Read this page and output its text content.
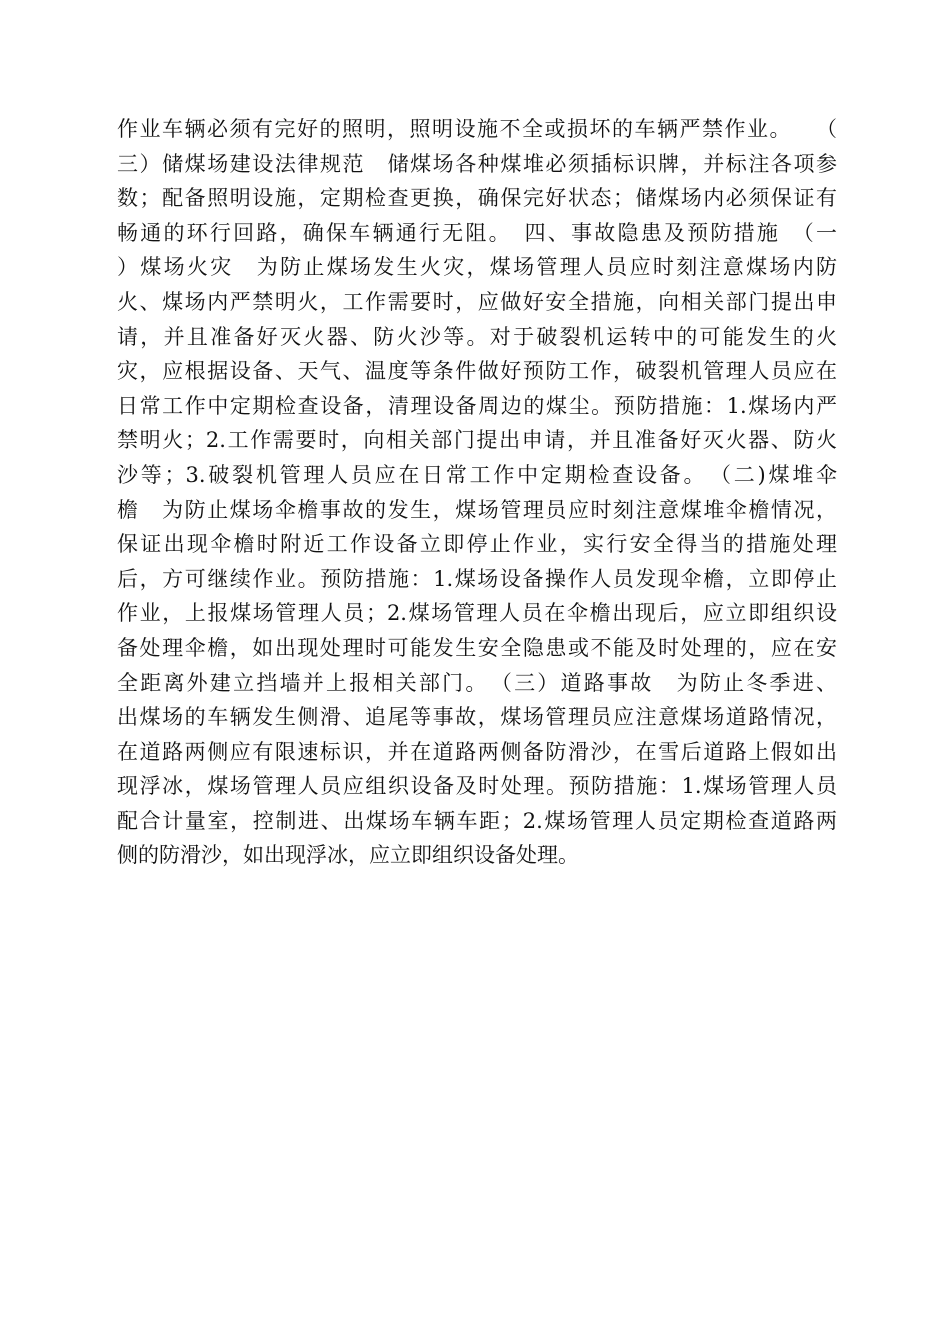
作业车辆必须有完好的照明，照明设施不全或损坏的车辆严禁作业。　　（
三）储煤场建设法律规范　储煤场各种煤堆必须插标识牌，并标注各项参
数；配备照明设施，定期检查更换，确保完好状态；储煤场内必须保证有
畅通的环行回路，确保车辆通行无阻。　四、事故隐患及预防措施　（一
）煤场火灾　为防止煤场发生火灾，煤场管理人员应时刻注意煤场内防
火、煤场内严禁明火，工作需要时，应做好安全措施，向相关部门提出申
请，并且准备好灭火器、防火沙等。对于破裂机运转中的可能发生的火
灾，应根据设备、天气、温度等条件做好预防工作，破裂机管理人员应在
日常工作中定期检查设备，清理设备周边的煤尘。预防措施：1.煤场内严
禁明火；2.工作需要时，向相关部门提出申请，并且准备好灭火器、防火
沙等；3.破裂机管理人员应在日常工作中定期检查设备。　（二)煤堆伞
檐　为防止煤场伞檐事故的发生，煤场管理员应时刻注意煤堆伞檐情况，
保证出现伞檐时附近工作设备立即停止作业，实行安全得当的措施处理
后，方可继续作业。预防措施：1.煤场设备操作人员发现伞檐，立即停止
作业，上报煤场管理人员；2.煤场管理人员在伞檐出现后，应立即组织设
备处理伞檐，如出现处理时可能发生安全隐患或不能及时处理的，应在安
全距离外建立挡墙并上报相关部门。　（三）道路事故　为防止冬季进、
出煤场的车辆发生侧滑、追尾等事故，煤场管理员应注意煤场道路情况，
在道路两侧应有限速标识，并在道路两侧备防滑沙，在雪后道路上假如出
现浮冰，煤场管理人员应组织设备及时处理。预防措施：1.煤场管理人员
配合计量室，控制进、出煤场车辆车距；2.煤场管理人员定期检查道路两
侧的防滑沙，如出现浮冰，应立即组织设备处理。
